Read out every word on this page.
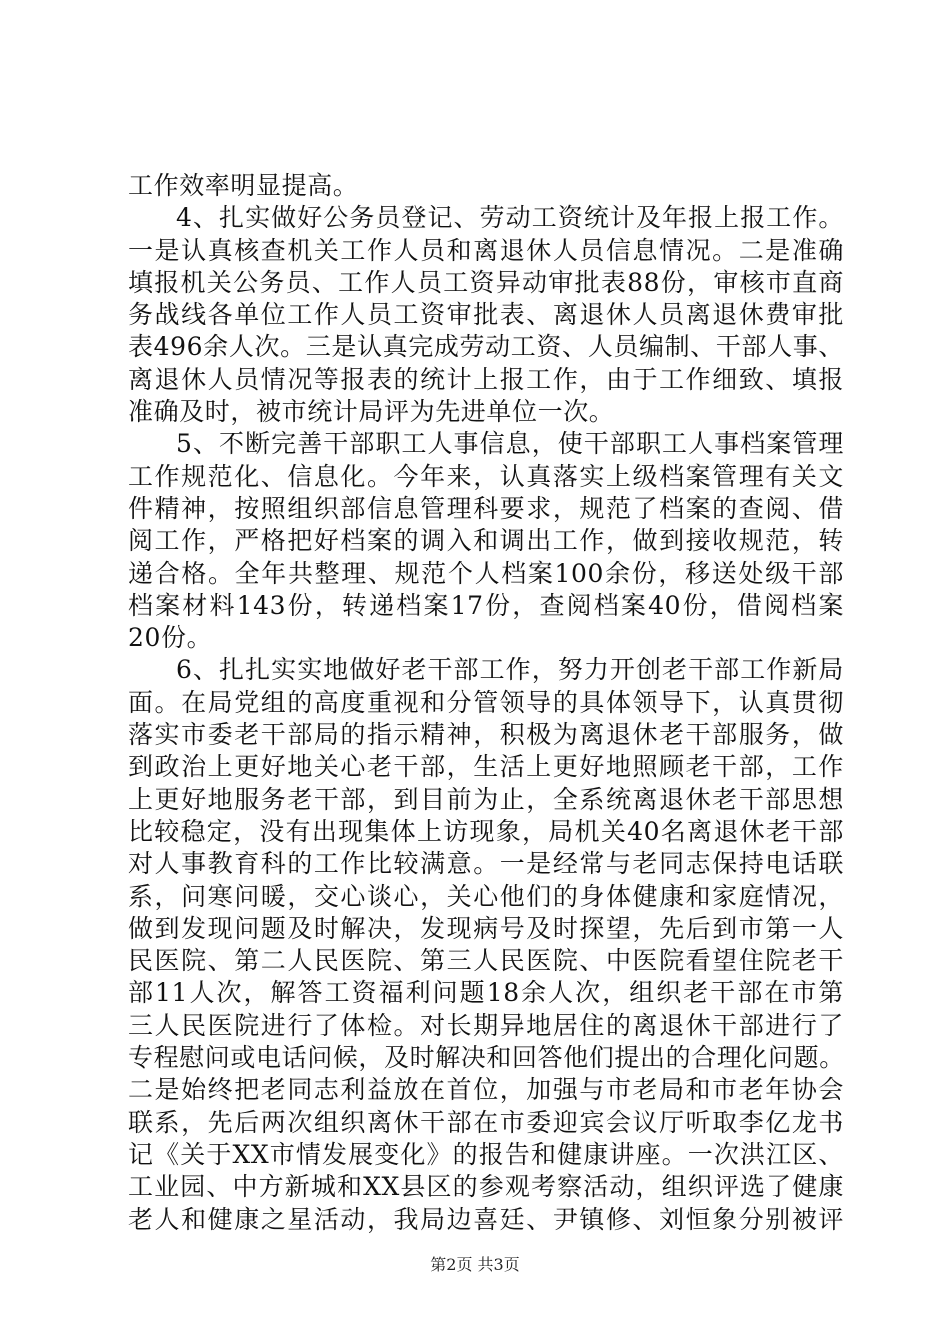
工作效率明显提高。
4、扎实做好公务员登记、劳动工资统计及年报上报工作。
一是认真核查机关工作人员和离退休人员信息情况。二是准确
填报机关公务员、工作人员工资异动审批表88份，审核市直商
务战线各单位工作人员工资审批表、离退休人员离退休费审批
表496余人次。三是认真完成劳动工资、人员编制、干部人事、
离退休人员情况等报表的统计上报工作，由于工作细致、填报
准确及时，被市统计局评为先进单位一次。
5、不断完善干部职工人事信息，使干部职工人事档案管理
工作规范化、信息化。今年来，认真落实上级档案管理有关文
件精神，按照组织部信息管理科要求，规范了档案的查阅、借
阅工作，严格把好档案的调入和调出工作，做到接收规范，转
递合格。全年共整理、规范个人档案100余份，移送处级干部
档案材料143份，转递档案17份，查阅档案40份，借阅档案
20份。
6、扎扎实实地做好老干部工作，努力开创老干部工作新局
面。在局党组的高度重视和分管领导的具体领导下，认真贯彻
落实市委老干部局的指示精神，积极为离退休老干部服务，做
到政治上更好地关心老干部，生活上更好地照顾老干部，工作
上更好地服务老干部，到目前为止，全系统离退休老干部思想
比较稳定，没有出现集体上访现象，局机关40名离退休老干部
对人事教育科的工作比较满意。一是经常与老同志保持电话联
系，问寒问暖，交心谈心，关心他们的身体健康和家庭情况，
做到发现问题及时解决，发现病号及时探望，先后到市第一人
民医院、第二人民医院、第三人民医院、中医院看望住院老干
部11人次，解答工资福利问题18余人次，组织老干部在市第
三人民医院进行了体检。对长期异地居住的离退休干部进行了
专程慰问或电话问候，及时解决和回答他们提出的合理化问题。
二是始终把老同志利益放在首位，加强与市老局和市老年协会
联系，先后两次组织离休干部在市委迎宾会议厅听取李亿龙书
记《关于XX市情发展变化》的报告和健康讲座。一次洪江区、
工业园、中方新城和XX县区的参观考察活动，组织评选了健康
老人和健康之星活动，我局边喜廷、尹镇修、刘恒象分别被评
第2页 共3页
